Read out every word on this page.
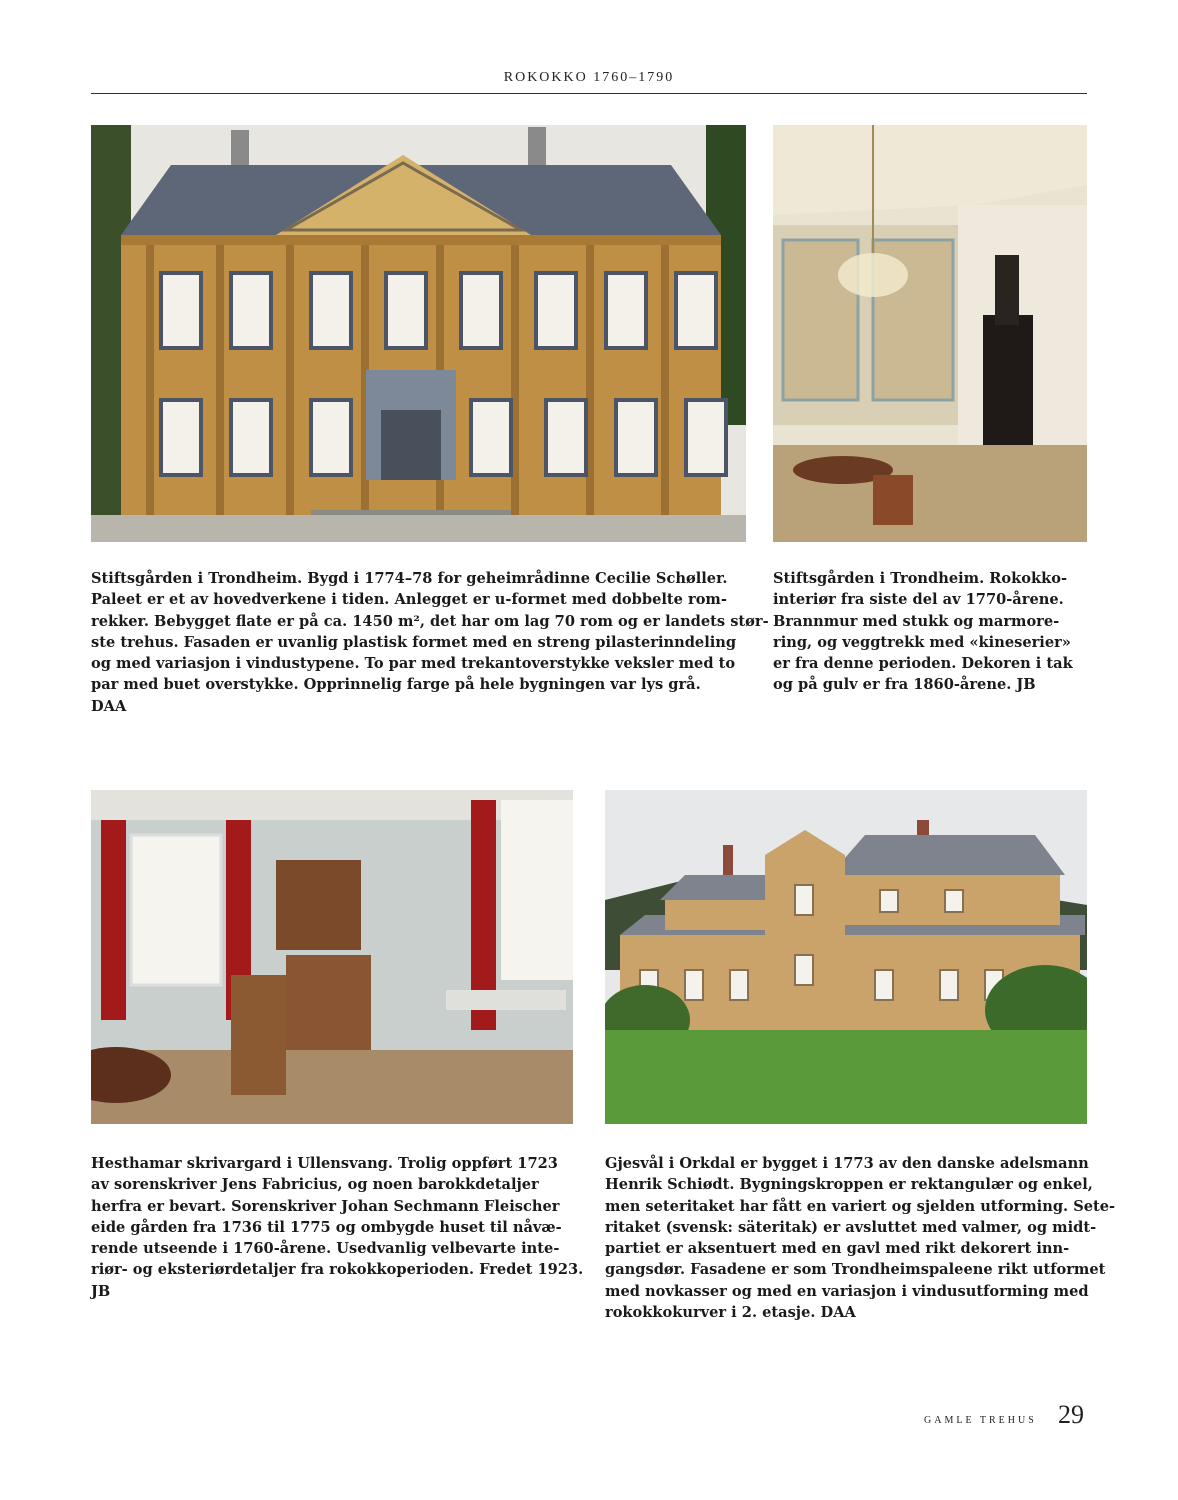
ROKOKKO 1760–1790

Stiftsgården i Trondheim. Bygd i 1774–78 for geheimrådinne Cecilie Schøller.
Paleet er et av hovedverkene i tiden. Anlegget er u-formet med dobbelte rom-
rekker. Bebygget flate er på ca. 1450 m², det har om lag 70 rom og er landets stør-
ste trehus. Fasaden er uvanlig plastisk formet med en streng pilasterinndeling
og med variasjon i vindustypene. To par med trekantoverstykke veksler med to
par med buet overstykke. Opprinnelig farge på hele bygningen var lys grå.
DAA

Stiftsgården i Trondheim. Rokokko-
interiør fra siste del av 1770-årene.
Brannmur med stukk og marmore-
ring, og veggtrekk med «kineserier»
er fra denne perioden. Dekoren i tak
og på gulv er fra 1860-årene. JB

Hesthamar skrivargard i Ullensvang. Trolig oppført 1723
av sorenskriver Jens Fabricius, og noen barokkdetaljer
herfra er bevart. Sorenskriver Johan Sechmann Fleischer
eide gården fra 1736 til 1775 og ombygde huset til nåvæ-
rende utseende i 1760-årene. Usedvanlig velbevarte inte-
riør- og eksteriørdetaljer fra rokokkoperioden. Fredet 1923.
JB

Gjesvål i Orkdal er bygget i 1773 av den danske adelsmann
Henrik Schiødt. Bygningskroppen er rektangulær og enkel,
men seteritaket har fått en variert og sjelden utforming. Sete-
ritaket (svensk: säteritak) er avsluttet med valmer, og midt-
partiet er aksentuert med en gavl med rikt dekorert inn-
gangsdør. Fasadene er som Trondheimspaleene rikt utformet
med novkasser og med en variasjon i vindusutforming med
rokokkokurver i 2. etasje. DAA

GAMLE TREHUS 29
